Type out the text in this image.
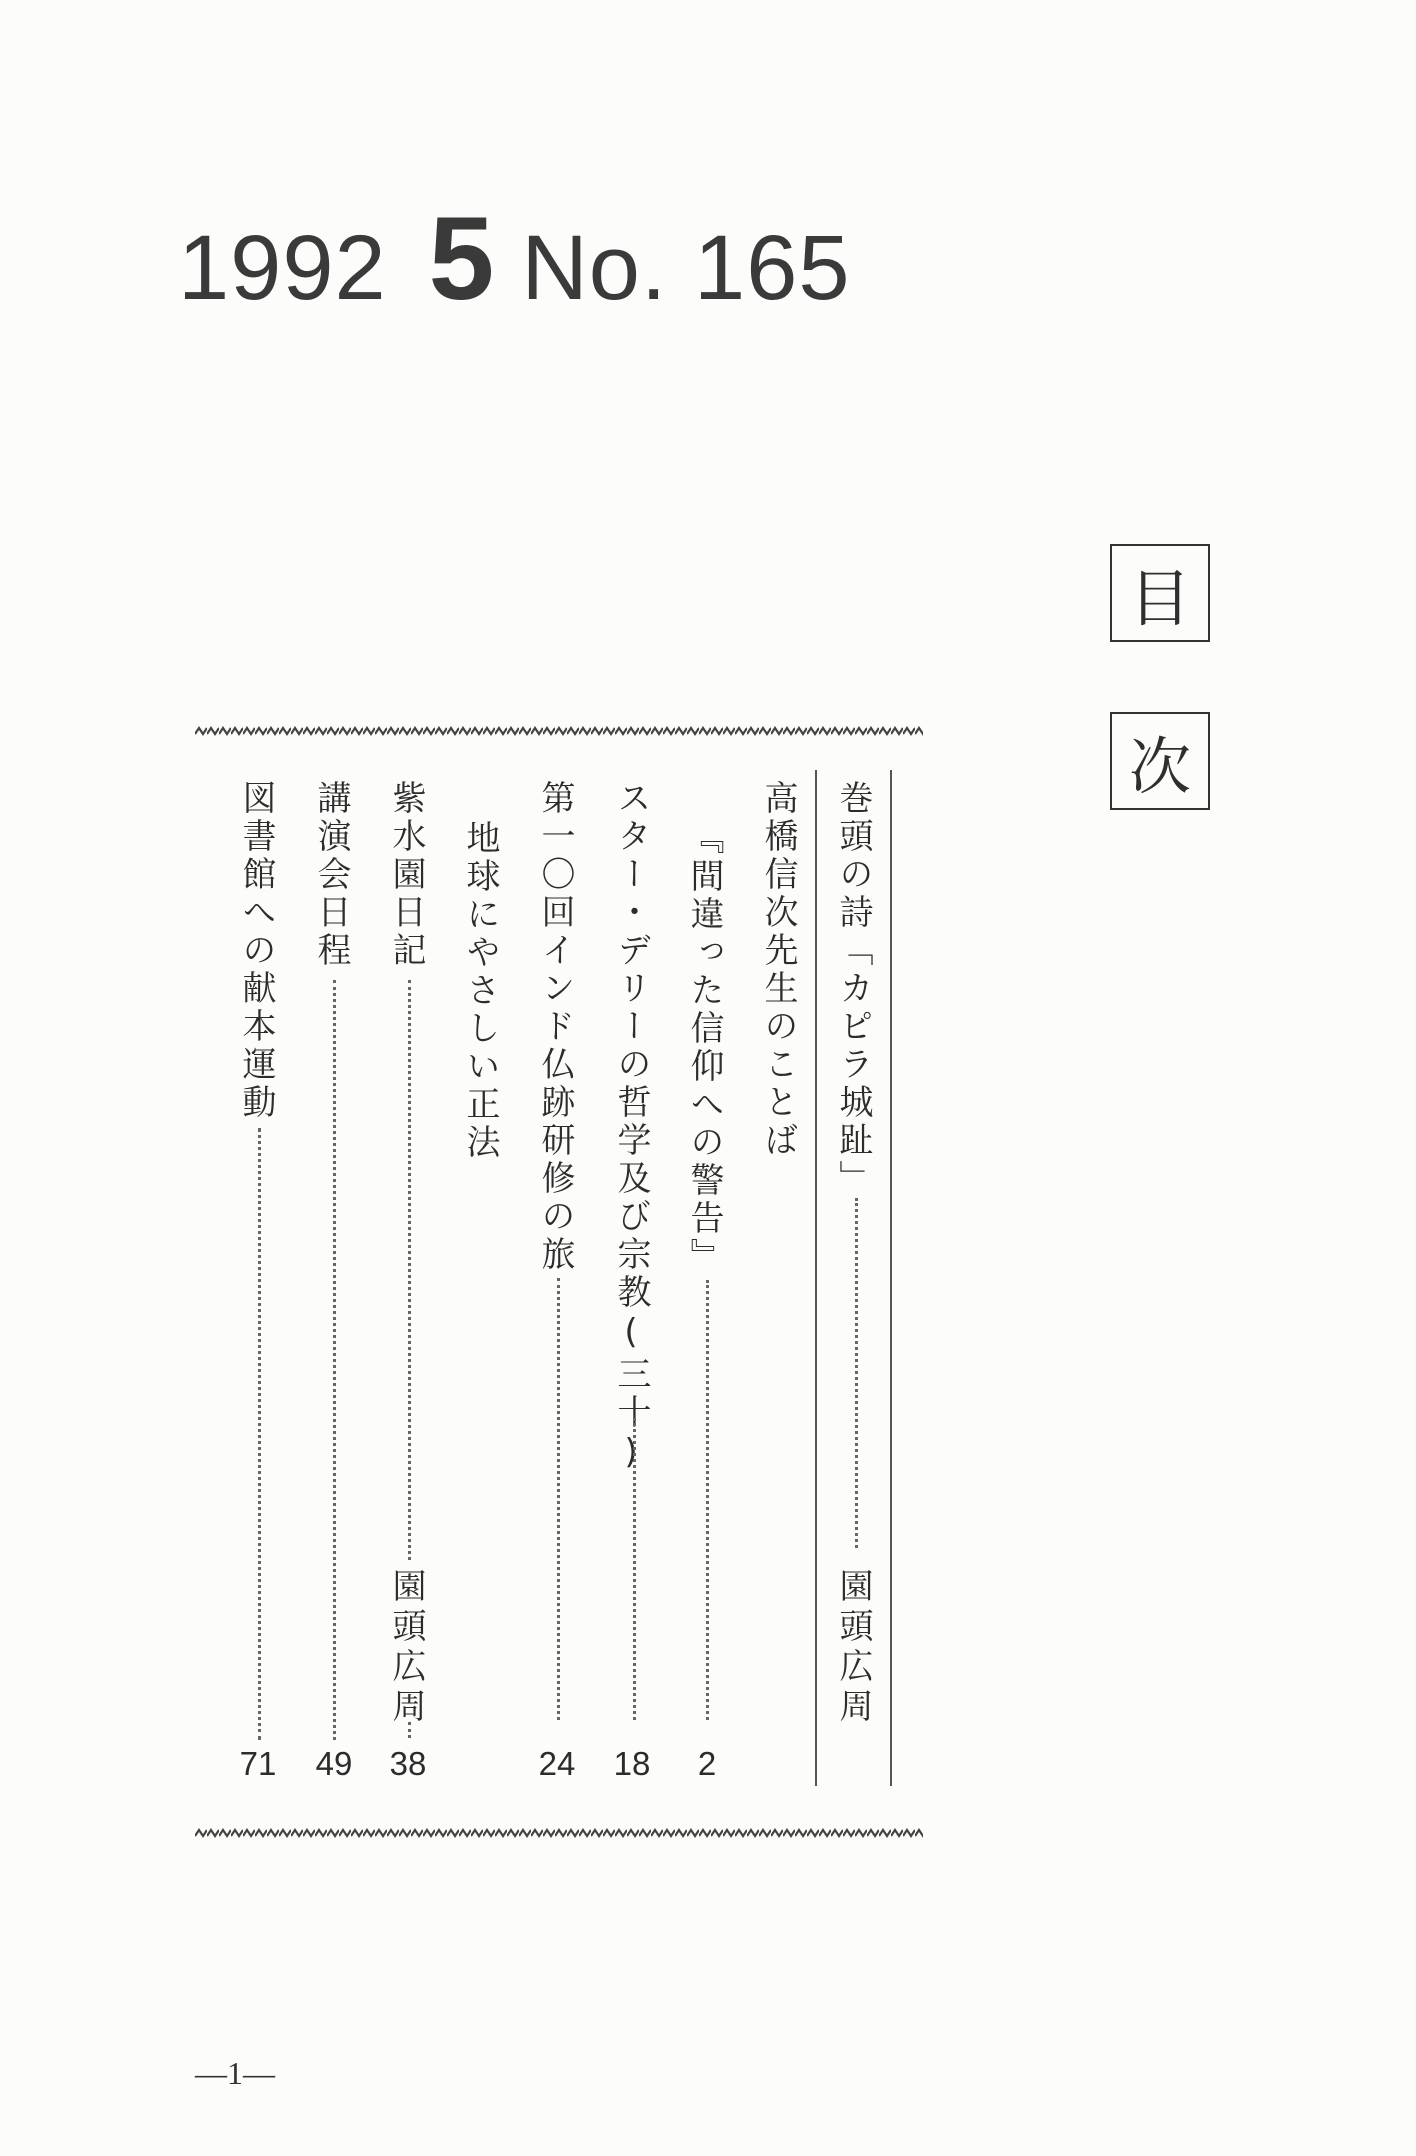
1992 5 No. 165
目
次
巻頭の詩「カピラ城趾」
園頭広周
高橋信次先生のことば
『間違った信仰への警告』
2
スター・デリーの哲学及び宗教(三十)
18
第一〇回インド仏跡研修の旅
24
地球にやさしい正法
紫水園日記
園頭広周
38
講演会日程
49
図書館への献本運動
71
—1—
